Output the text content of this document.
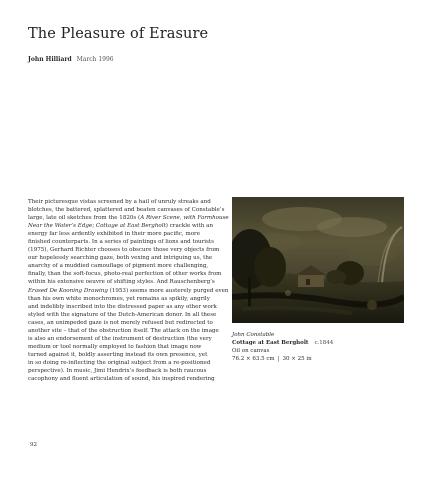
The Pleasure of Erasure
John Hilliard March 1996
Their picturesque vistas screened by a hail of unruly streaks and
blotches, the battered, splattered and beaten canvases of Constable’s
large, late oil sketches from the 1820s (A River Scene, with Farmhouse
Near the Water’s Edge; Cottage at East Bergholt) crackle with an
energy far less ardently exhibited in their more pacific, more
finished counterparts. In a series of paintings of lions and tourists
(1975), Gerhard Richter chooses to obscure those very objects from
our hopelessly searching gaze, both vexing and intriguing us, the
anarchy of a muddied camouflage of pigment more challenging,
finally, than the soft-focus, photo-real perfection of other works from
within his extensive oeuvre of shifting styles. And Rauschenberg’s
Erased De Kooning Drawing (1953) seems more austerely purged even
than his own white monochromes, yet remains as spikily, angrily
and indelibly inscribed into the distressed paper as any other work
styled with the signature of the Dutch-American donor. In all these
cases, an unimpeded gaze is not merely refused but redirected to
another site – that of the obstruction itself. The attack on the image
is also an endorsement of the instrument of destruction (the very
medium or tool normally employed to fashion that image now
turned against it, boldly asserting instead its own presence, yet
in so doing re-inflecting the original subject from a re-positioned
perspective). In music, Jimi Hendrix’s feedback is both raucous
cacophony and fluent articulation of sound, his inspired rendering
John Constable
Cottage at East Bergholt c.1844
Oil on canvas
76.2 × 63.5 cm | 30 × 25 in
92
